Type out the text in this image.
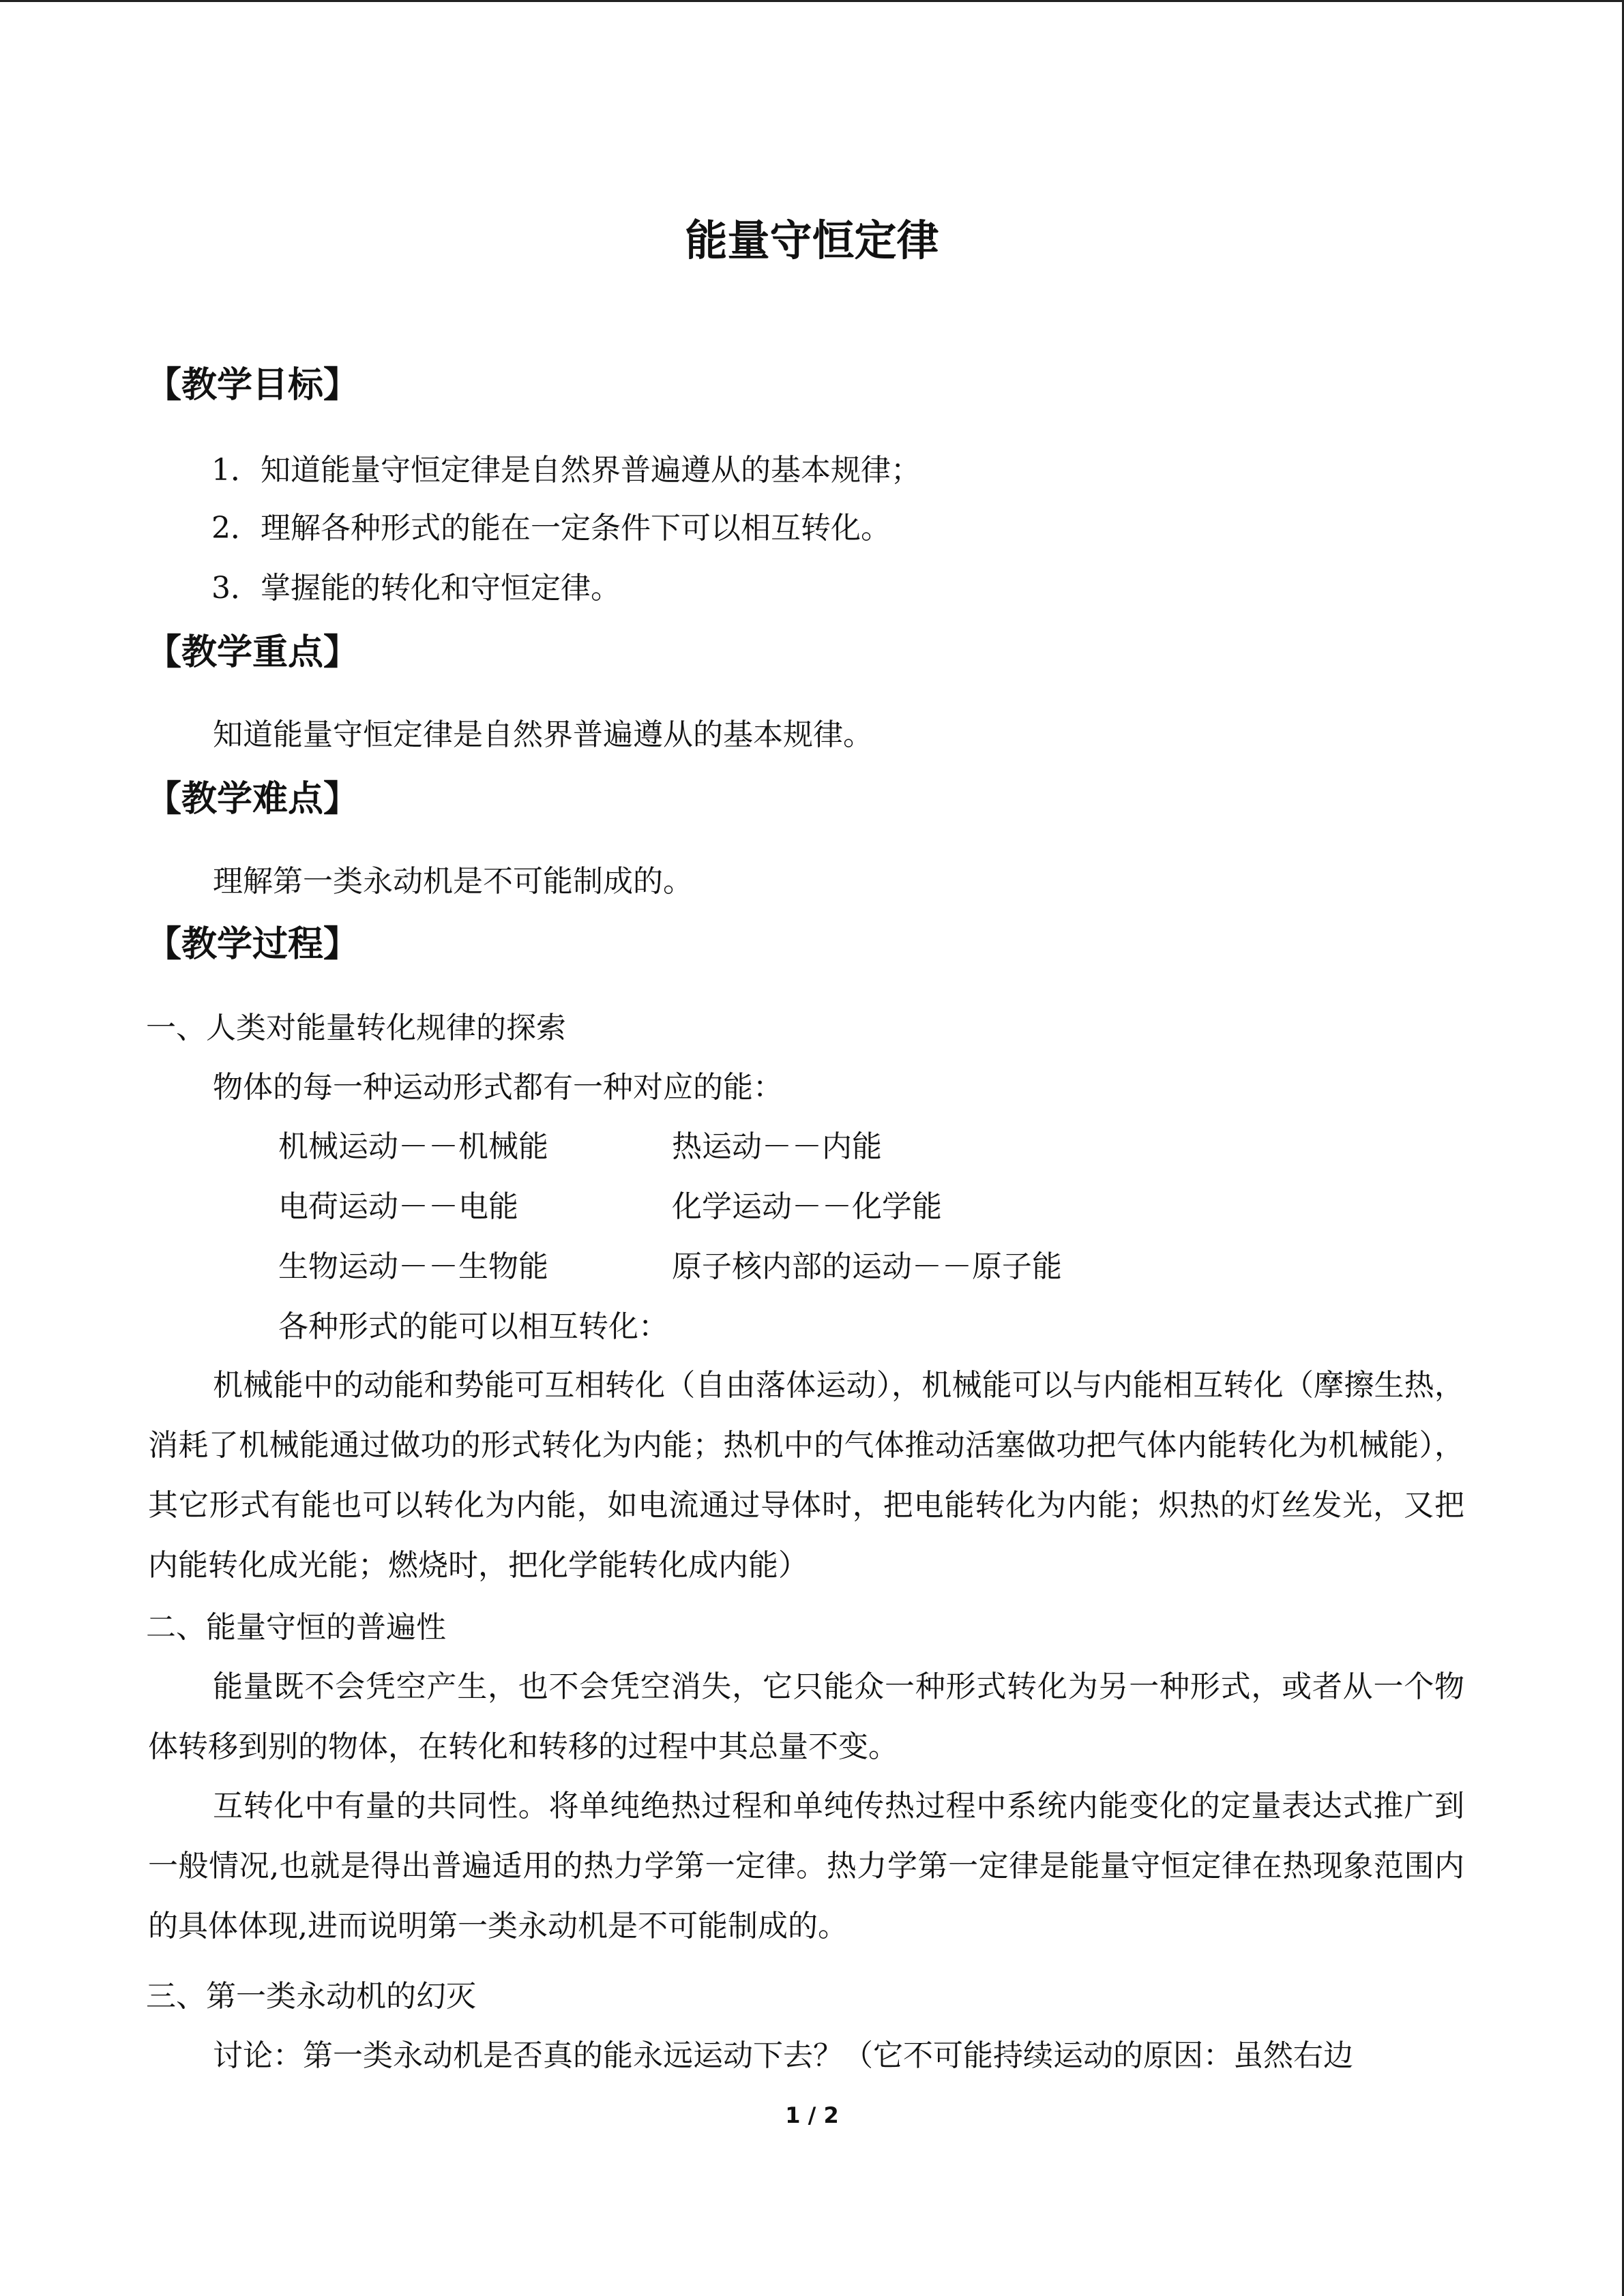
能量守恒定律
【教学目标】
1．知道能量守恒定律是自然界普遍遵从的基本规律；
2．理解各种形式的能在一定条件下可以相互转化。
3．掌握能的转化和守恒定律。
【教学重点】
知道能量守恒定律是自然界普遍遵从的基本规律。
【教学难点】
理解第一类永动机是不可能制成的。
【教学过程】
一、人类对能量转化规律的探索
物体的每一种运动形式都有一种对应的能：
机械运动－－机械能	热运动－－内能
电荷运动－－电能	化学运动－－化学能
生物运动－－生物能	原子核内部的运动－－原子能
各种形式的能可以相互转化：
机械能中的动能和势能可互相转化（自由落体运动），机械能可以与内能相互转化（摩擦生热，消耗了机械能通过做功的形式转化为内能；热机中的气体推动活塞做功把气体内能转化为机械能），其它形式有能也可以转化为内能，如电流通过导体时，把电能转化为内能；炽热的灯丝发光，又把内能转化成光能；燃烧时，把化学能转化成内能）
二、能量守恒的普遍性
能量既不会凭空产生，也不会凭空消失，它只能众一种形式转化为另一种形式，或者从一个物体转移到别的物体，在转化和转移的过程中其总量不变。
互转化中有量的共同性。将单纯绝热过程和单纯传热过程中系统内能变化的定量表达式推广到一般情况,也就是得出普遍适用的热力学第一定律。热力学第一定律是能量守恒定律在热现象范围内的具体体现,进而说明第一类永动机是不可能制成的。
三、第一类永动机的幻灭
讨论：第一类永动机是否真的能永远运动下去？（它不可能持续运动的原因：虽然右边
1 / 2
